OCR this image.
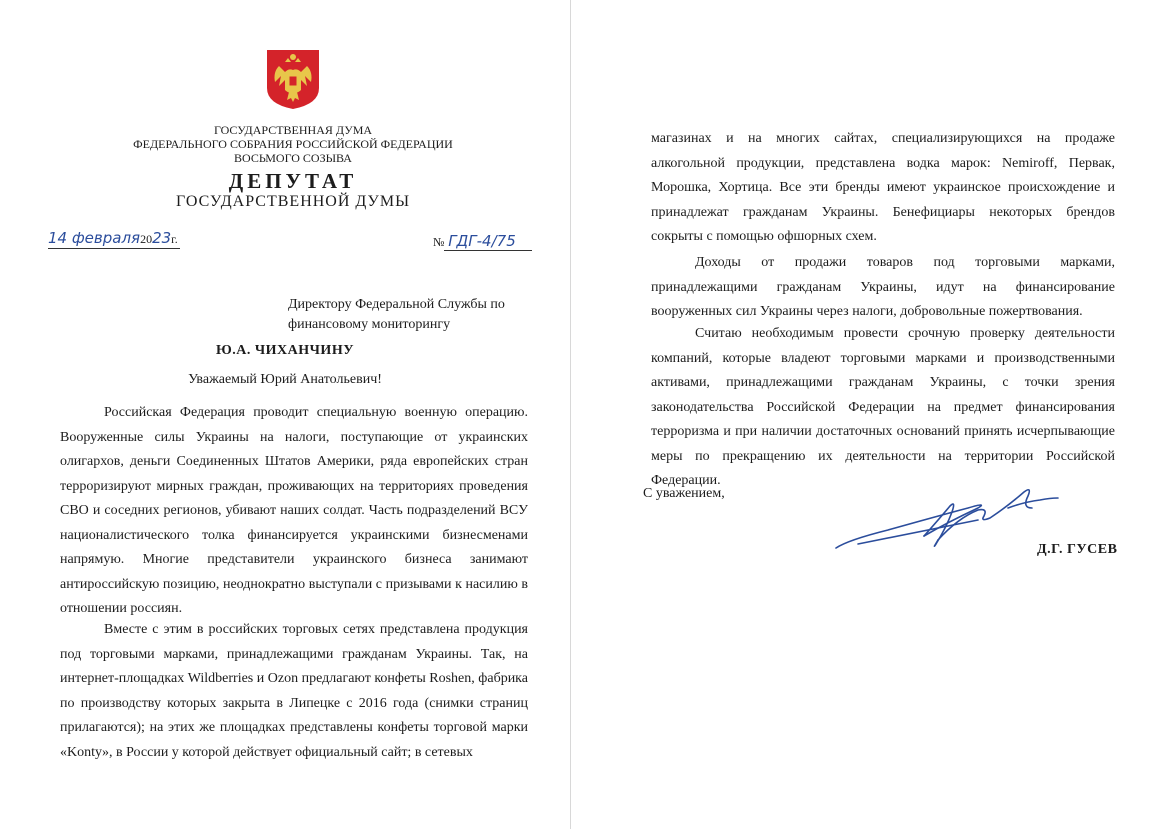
ГОСУДАРСТВЕННАЯ ДУМА
ФЕДЕРАЛЬНОГО СОБРАНИЯ РОССИЙСКОЙ ФЕДЕРАЦИИ
ВОСЬМОГО СОЗЫВА
ДЕПУТАТ
ГОСУДАРСТВЕННОЙ ДУМЫ
14 февраля2023г.	№ ГДГ-4/75
Директору Федеральной Службы по
финансовому мониторингу
Ю.А. ЧИХАНЧИНУ
Уважаемый Юрий Анатольевич!

Российская Федерация проводит специальную военную операцию. Вооруженные силы Украины на налоги, поступающие от украинских олигархов, деньги Соединенных Штатов Америки, ряда европейских стран терроризируют мирных граждан, проживающих на территориях проведения СВО и соседних регионов, убивают наших солдат. Часть подразделений ВСУ националистического толка финансируется украинскими бизнесменами напрямую. Многие представители украинского бизнеса занимают антироссийскую позицию, неоднократно выступали с призывами к насилию в отношении россиян.

Вместе с этим в российских торговых сетях представлена продукция под торговыми марками, принадлежащими гражданам Украины. Так, на интернет-площадках Wildberries и Ozon предлагают конфеты Roshen, фабрика по производству которых закрыта в Липецке с 2016 года (снимки страниц прилагаются); на этих же площадках представлены конфеты торговой марки «Konty», в России у которой действует официальный сайт; в сетевых

магазинах и на многих сайтах, специализирующихся на продаже алкогольной продукции, представлена водка марок: Nemiroff, Первак, Морошка, Хортица. Все эти бренды имеют украинское происхождение и принадлежат гражданам Украины. Бенефициары некоторых брендов сокрыты с помощью офшорных схем.

Доходы от продажи товаров под торговыми марками, принадлежащими гражданам Украины, идут на финансирование вооруженных сил Украины через налоги, добровольные пожертвования.

Считаю необходимым провести срочную проверку деятельности компаний, которые владеют торговыми марками и производственными активами, принадлежащими гражданам Украины, с точки зрения законодательства Российской Федерации на предмет финансирования терроризма и при наличии достаточных оснований принять исчерпывающие меры по прекращению их деятельности на территории Российской Федерации.

С уважением,
Д.Г. ГУСЕВ
